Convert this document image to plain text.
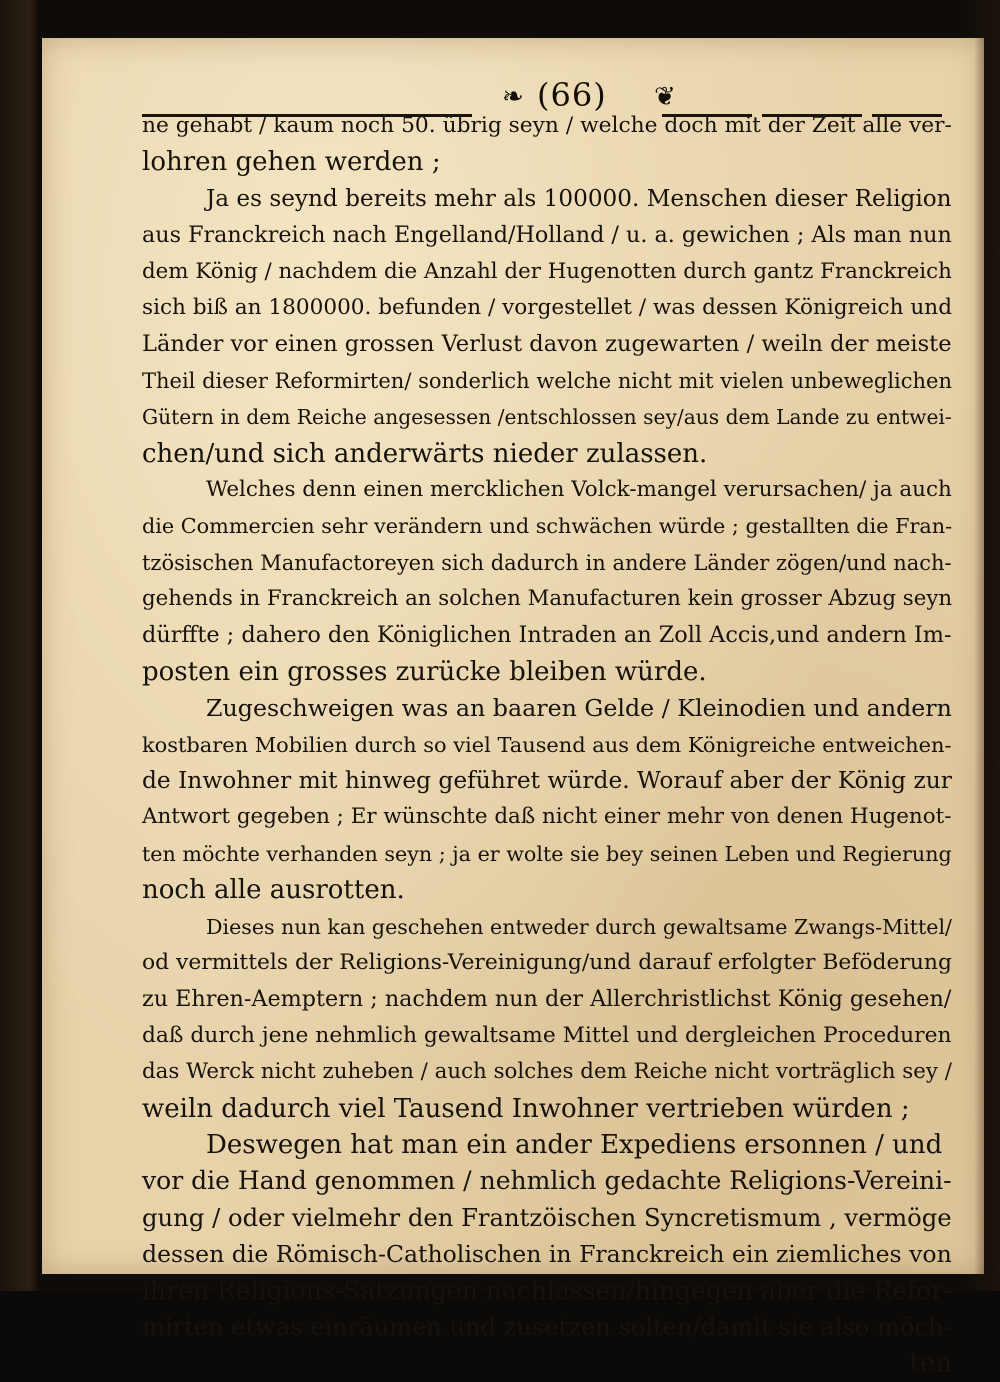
❧ (66) ❦
ne gehabt / kaum noch 50. übrig seyn / welche doch mit der Zeit alle ver-
lohren gehen werden ;
Ja es seynd bereits mehr als 100000. Menschen dieser Religion
aus Franckreich nach Engelland/Holland / u. a. gewichen ; Als man nun
dem König / nachdem die Anzahl der Hugenotten durch gantz Franckreich
sich biß an 1800000. befunden / vorgestellet / was dessen Königreich und
Länder vor einen grossen Verlust davon zugewarten / weiln der meiste
Theil dieser Reformirten/ sonderlich welche nicht mit vielen unbeweglichen
Gütern in dem Reiche angesessen /entschlossen sey/aus dem Lande zu entwei-
chen/und sich anderwärts nieder zulassen.
Welches denn einen mercklichen Volck-mangel verursachen/ ja auch
die Commercien sehr verändern und schwächen würde ; gestallten die Fran-
tzösischen Manufactoreyen sich dadurch in andere Länder zögen/und nach-
gehends in Franckreich an solchen Manufacturen kein grosser Abzug seyn
dürffte ; dahero den Königlichen Intraden an Zoll Accis,und andern Im-
posten ein grosses zurücke bleiben würde.
Zugeschweigen was an baaren Gelde / Kleinodien und andern
kostbaren Mobilien durch so viel Tausend aus dem Königreiche entweichen-
de Inwohner mit hinweg geführet würde. Worauf aber der König zur
Antwort gegeben ; Er wünschte daß nicht einer mehr von denen Hugenot-
ten möchte verhanden seyn ; ja er wolte sie bey seinen Leben und Regierung
noch alle ausrotten.
Dieses nun kan geschehen entweder durch gewaltsame Zwangs-Mittel/
od vermittels der Religions-Vereinigung/und darauf erfolgter Beföderung
zu Ehren-Aemptern ; nachdem nun der Allerchristlichst König gesehen/
daß durch jene nehmlich gewaltsame Mittel und dergleichen Proceduren
das Werck nicht zuheben / auch solches dem Reiche nicht vorträglich sey /
weiln dadurch viel Tausend Inwohner vertrieben würden ;
Deswegen hat man ein ander Expediens ersonnen / und
vor die Hand genommen / nehmlich gedachte Religions-Vereini-
gung / oder vielmehr den Frantzöischen Syncretismum , vermöge
dessen die Römisch-Catholischen in Franckreich ein ziemliches von
ihren Religions-Satzungen nachlassen/hingegen aber die Refor-
mirten etwas einräumen und zusetzen solten/damit sie also möch-
ten
